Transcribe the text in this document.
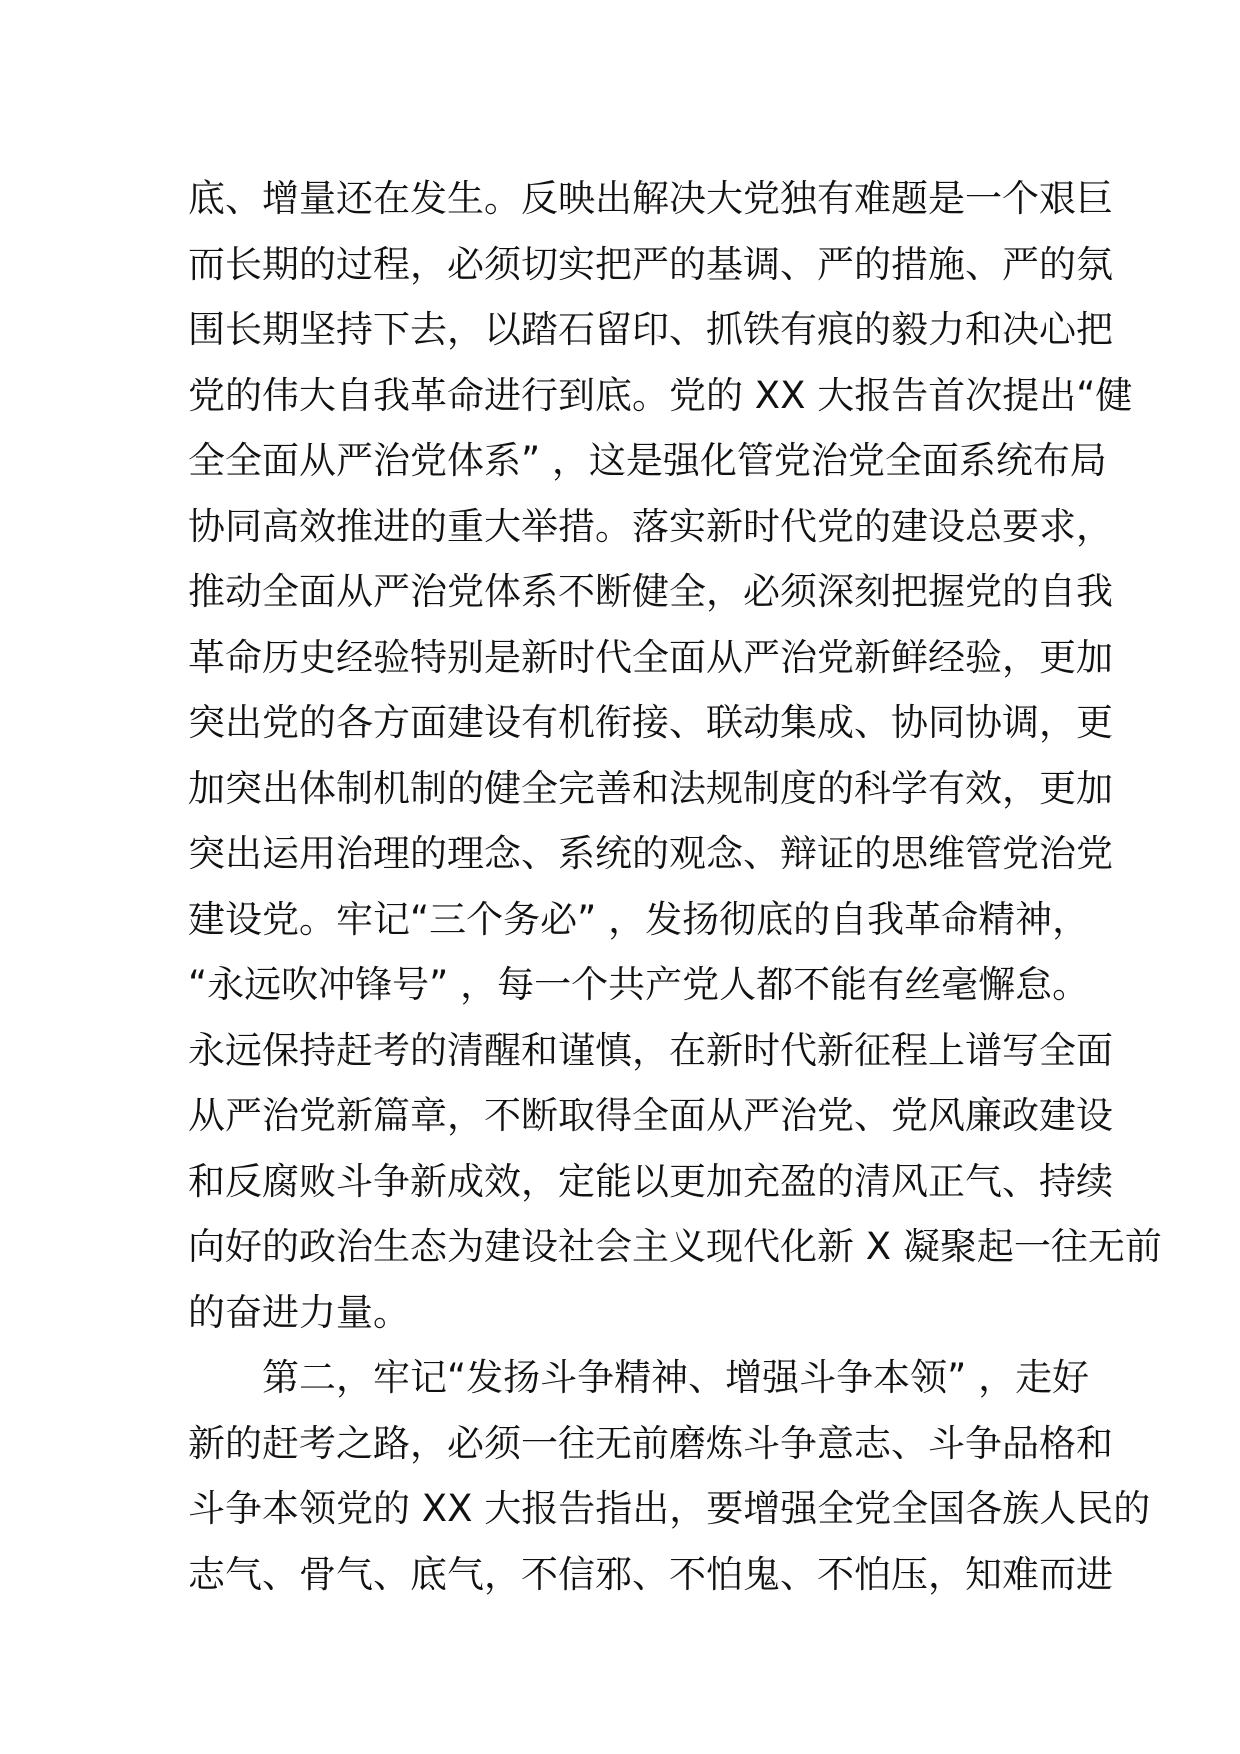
底、增量还在发生。反映出解决大党独有难题是一个艰巨
而长期的过程，必须切实把严的基调、严的措施、严的氛
围长期坚持下去，以踏石留印、抓铁有痕的毅力和决心把
党的伟大自我革命进行到底。党的 XX 大报告首次提出“健
全全面从严治党体系” ，这是强化管党治党全面系统布局
协同高效推进的重大举措。落实新时代党的建设总要求，
推动全面从严治党体系不断健全，必须深刻把握党的自我
革命历史经验特别是新时代全面从严治党新鲜经验，更加
突出党的各方面建设有机衔接、联动集成、协同协调，更
加突出体制机制的健全完善和法规制度的科学有效，更加
突出运用治理的理念、系统的观念、辩证的思维管党治党
建设党。牢记“三个务必” ，发扬彻底的自我革命精神，
“永远吹冲锋号” ，每一个共产党人都不能有丝毫懈怠。
永远保持赶考的清醒和谨慎，在新时代新征程上谱写全面
从严治党新篇章，不断取得全面从严治党、党风廉政建设
和反腐败斗争新成效，定能以更加充盈的清风正气、持续
向好的政治生态为建设社会主义现代化新 X 凝聚起一往无前
的奋进力量。
　　第二，牢记“发扬斗争精神、增强斗争本领” ，走好
新的赶考之路，必须一往无前磨炼斗争意志、斗争品格和
斗争本领党的 XX 大报告指出，要增强全党全国各族人民的
志气、骨气、底气，不信邪、不怕鬼、不怕压，知难而进
